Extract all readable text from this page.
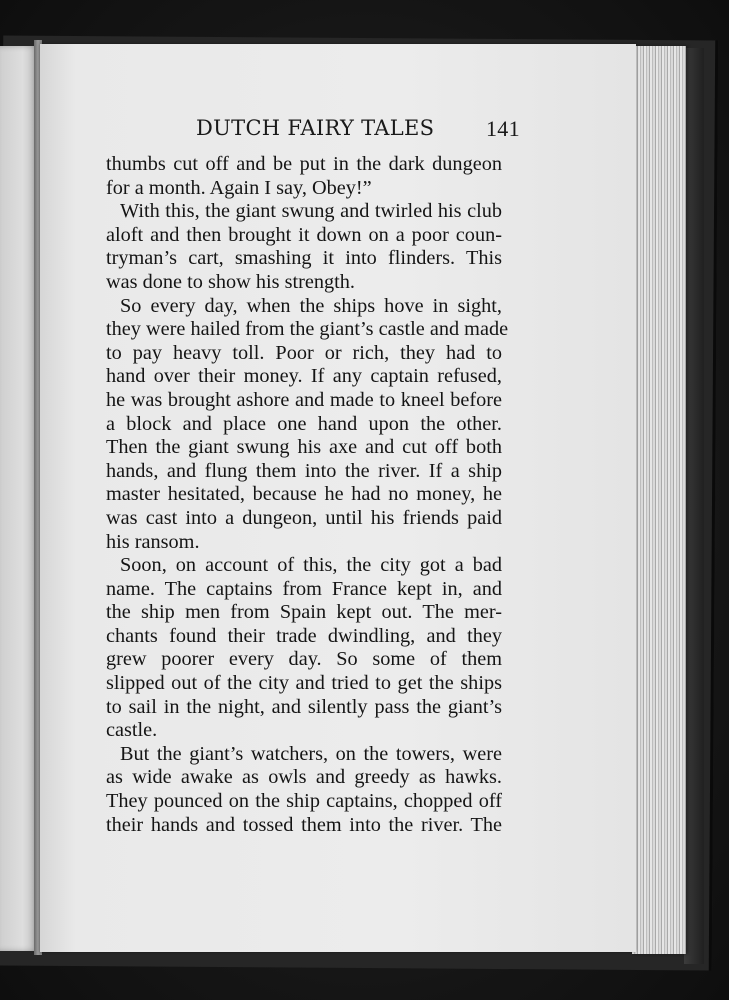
DUTCH FAIRY TALES 141
thumbs cut off and be put in the dark dungeon
for a month. Again I say, Obey!”
With this, the giant swung and twirled his club
aloft and then brought it down on a poor coun-
tryman’s cart, smashing it into flinders. This
was done to show his strength.
So every day, when the ships hove in sight,
they were hailed from the giant’s castle and made
to pay heavy toll. Poor or rich, they had to
hand over their money. If any captain refused,
he was brought ashore and made to kneel before
a block and place one hand upon the other.
Then the giant swung his axe and cut off both
hands, and flung them into the river. If a ship
master hesitated, because he had no money, he
was cast into a dungeon, until his friends paid
his ransom.
Soon, on account of this, the city got a bad
name. The captains from France kept in, and
the ship men from Spain kept out. The mer-
chants found their trade dwindling, and they
grew poorer every day. So some of them
slipped out of the city and tried to get the ships
to sail in the night, and silently pass the giant’s
castle.
But the giant’s watchers, on the towers, were
as wide awake as owls and greedy as hawks.
They pounced on the ship captains, chopped off
their hands and tossed them into the river. The
